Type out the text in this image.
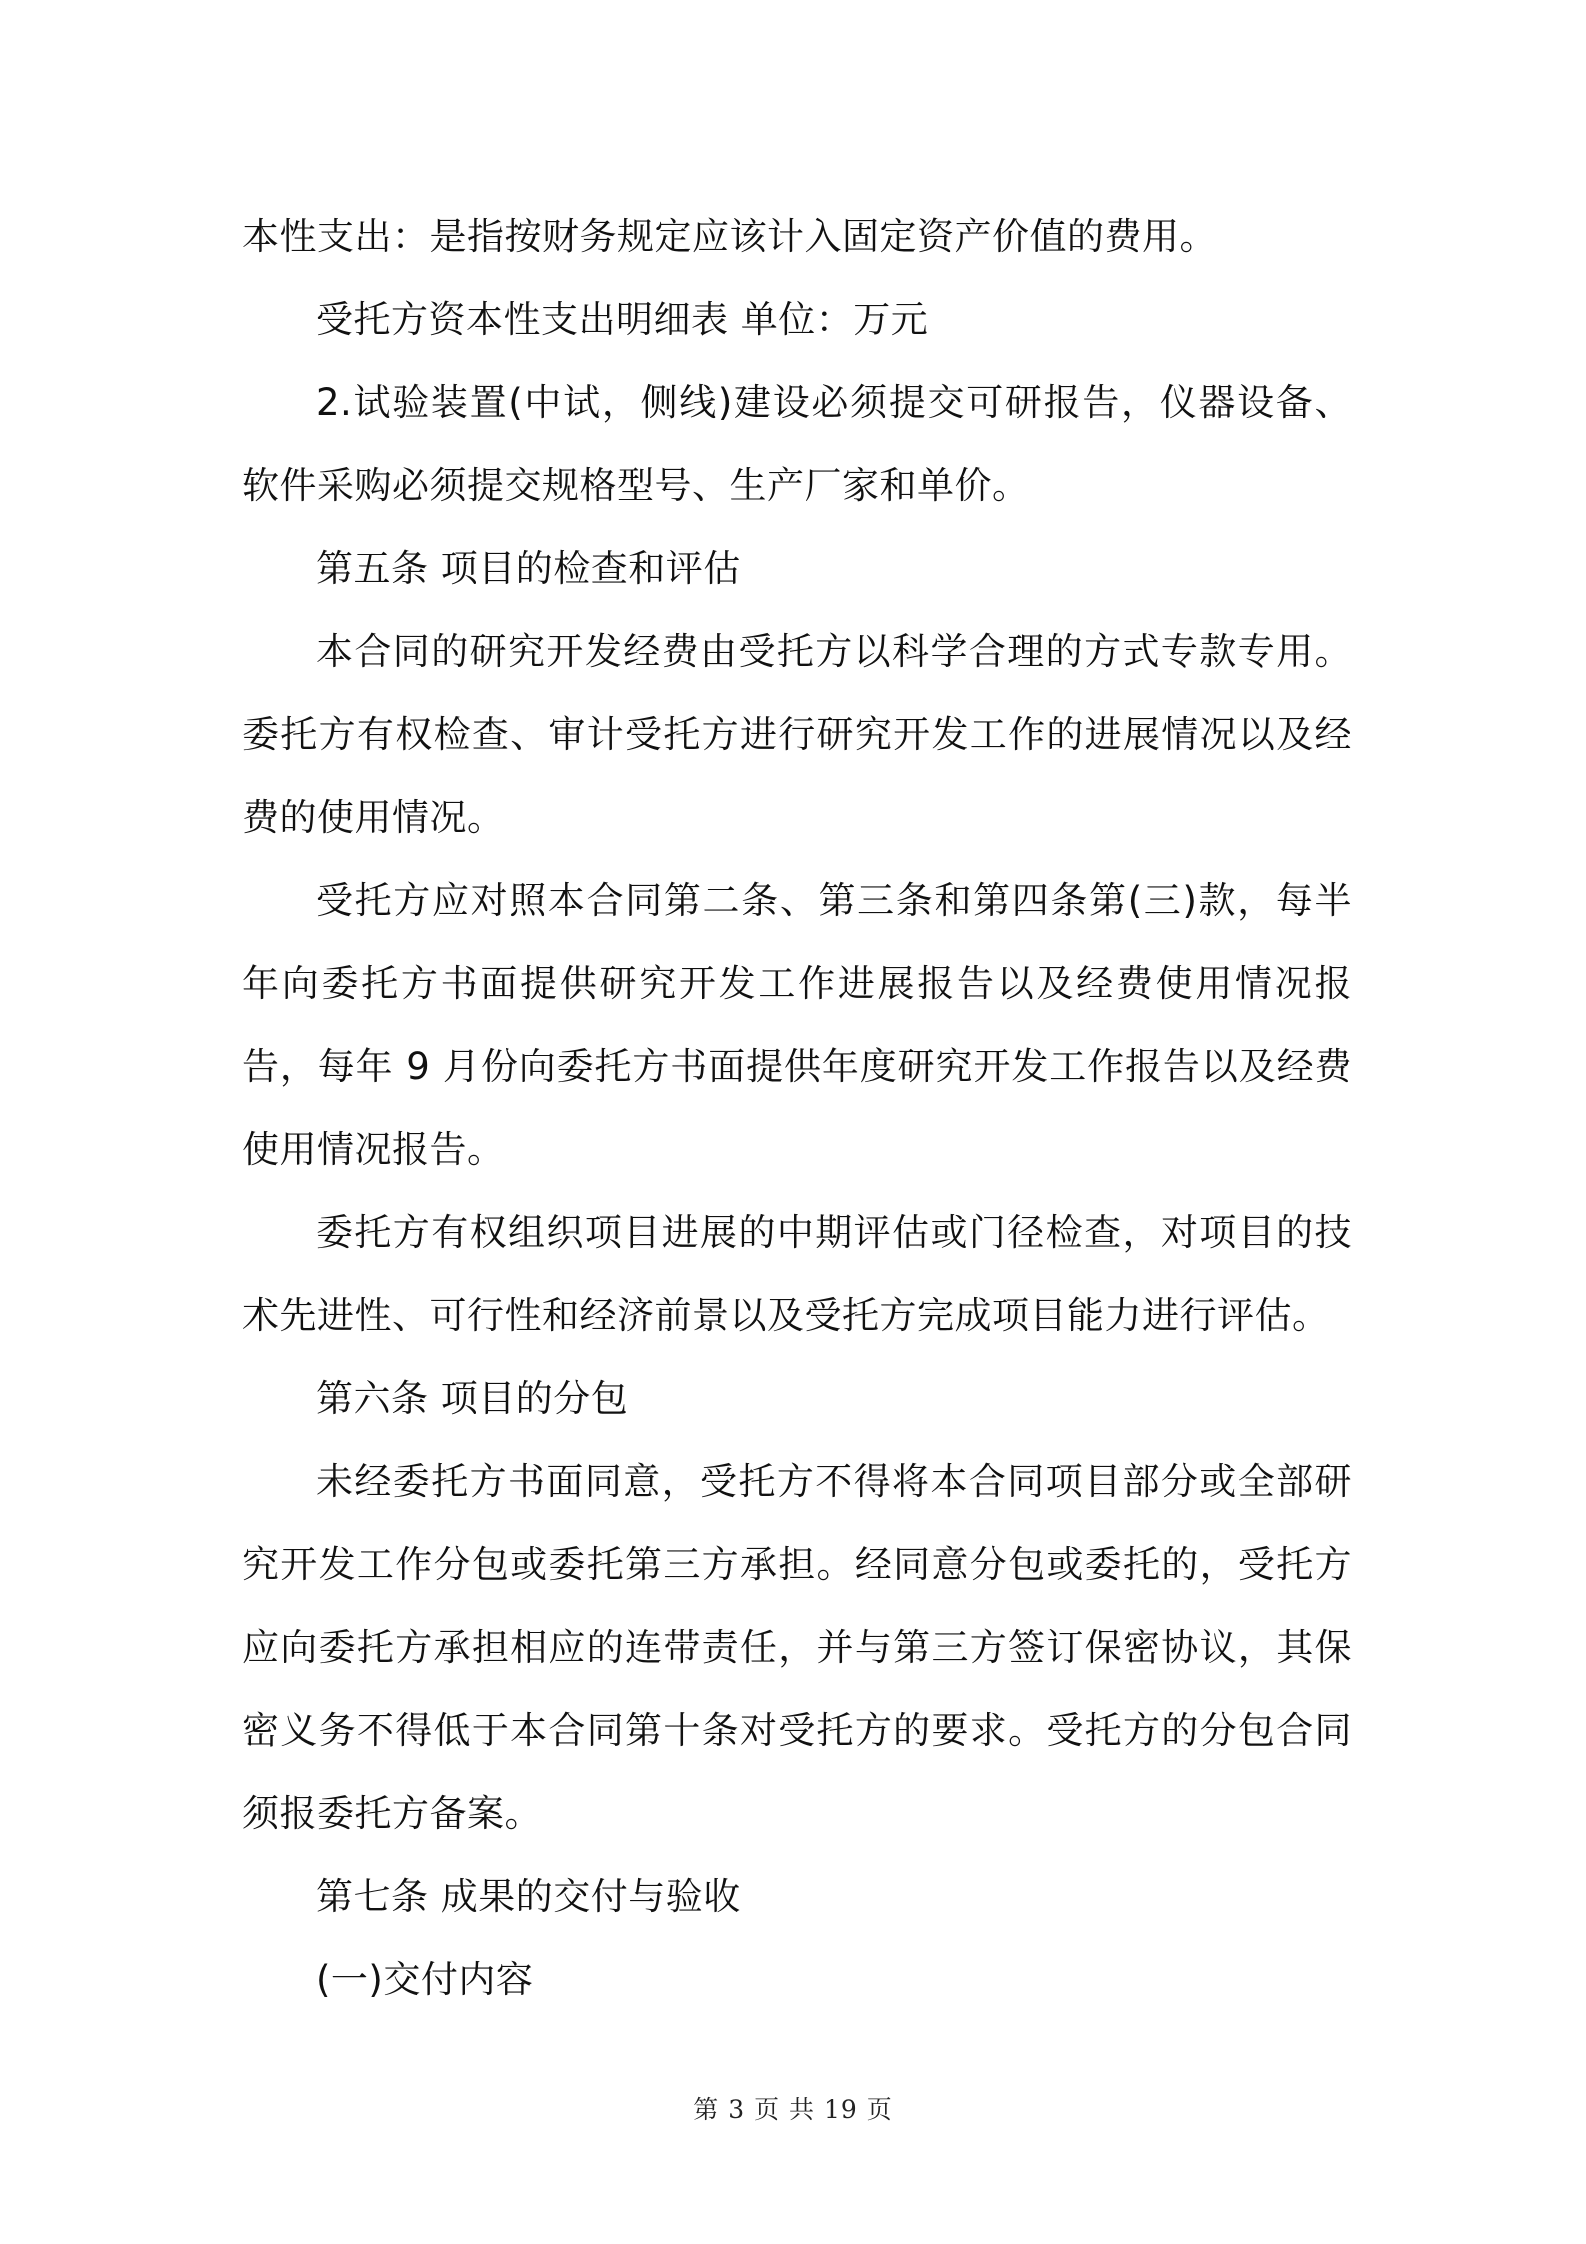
本性支出：是指按财务规定应该计入固定资产价值的费用。

受托方资本性支出明细表 单位：万元

2.试验装置(中试，侧线)建设必须提交可研报告，仪器设备、软件采购必须提交规格型号、生产厂家和单价。

第五条 项目的检查和评估

本合同的研究开发经费由受托方以科学合理的方式专款专用。委托方有权检查、审计受托方进行研究开发工作的进展情况以及经费的使用情况。

受托方应对照本合同第二条、第三条和第四条第(三)款，每半年向委托方书面提供研究开发工作进展报告以及经费使用情况报告，每年 9 月份向委托方书面提供年度研究开发工作报告以及经费使用情况报告。

委托方有权组织项目进展的中期评估或门径检查，对项目的技术先进性、可行性和经济前景以及受托方完成项目能力进行评估。

第六条 项目的分包

未经委托方书面同意，受托方不得将本合同项目部分或全部研究开发工作分包或委托第三方承担。经同意分包或委托的，受托方应向委托方承担相应的连带责任，并与第三方签订保密协议，其保密义务不得低于本合同第十条对受托方的要求。受托方的分包合同须报委托方备案。

第七条 成果的交付与验收

(一)交付内容

第 3 页 共 19 页
